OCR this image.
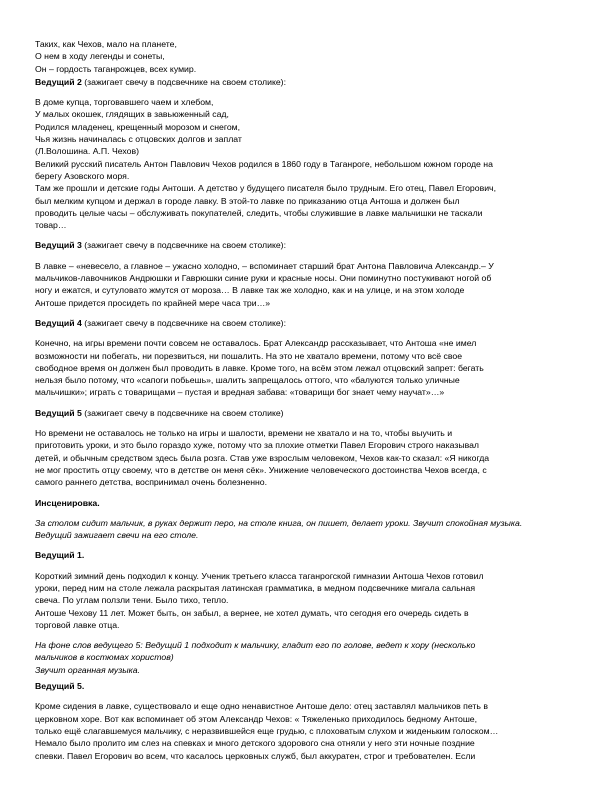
Таких, как Чехов, мало на планете,
О нем в ходу легенды и сонеты,
Он – гордость таганрожцев, всех кумир.
Ведущий 2 (зажигает свечу в подсвечнике на своем столике):
В доме купца, торговавшего чаем и хлебом,
У малых окошек, глядящих в завьюженный сад,
Родился младенец, крещенный морозом и снегом,
Чья жизнь начиналась с отцовских долгов и заплат
(Л.Волошина. А.П. Чехов)
Великий русский писатель Антон Павлович Чехов родился в 1860 году в Таганроге, небольшом южном городе на
берегу Азовского моря.
Там же прошли и детские годы Антоши. А детство у будущего писателя было трудным. Его отец, Павел Егорович,
был мелким купцом и держал в городе лавку. В этой-то лавке по приказанию отца Антоша и должен был
проводить целые часы – обслуживать покупателей, следить, чтобы служившие в лавке мальчишки не таскали
товар…
Ведущий 3 (зажигает свечу в подсвечнике на своем столике):
В лавке – «невесело, а главное – ужасно холодно, – вспоминает старший брат Антона Павловича Александр.– У
мальчиков-лавочников Андрюшки и Гаврюшки синие руки и красные носы. Они поминутно постукивают ногой об
ногу и ежатся, и сутуловато жмутся от мороза… В лавке так же холодно, как и на улице, и на этом холоде
Антоше придется просидеть по крайней мере часа три…»
Ведущий 4 (зажигает свечу в подсвечнике на своем столике):
Конечно, на игры времени почти совсем не оставалось. Брат Александр рассказывает, что Антоша «не имел
возможности ни побегать, ни порезвиться, ни пошалить. На это не хватало времени, потому что всё свое
свободное время он должен был проводить в лавке. Кроме того, на всём этом лежал отцовский запрет: бегать
нельзя было потому, что «сапоги побьешь», шалить запрещалось оттого, что «балуются только уличные
мальчишки»; играть с товарищами – пустая и вредная забава: «товарищи бог знает чему научат»…»
Ведущий 5 (зажигает свечу в подсвечнике на своем столике)
Но времени не оставалось не только на игры и шалости, времени не хватало и на то, чтобы выучить и
приготовить уроки, и это было гораздо хуже, потому что за плохие отметки Павел Егорович строго наказывал
детей, и обычным средством здесь была розга. Став уже взрослым человеком, Чехов как-то сказал: «Я никогда
не мог простить отцу своему, что в детстве он меня сёк». Унижение человеческого достоинства Чехов всегда, с
самого раннего детства, воспринимал очень болезненно.
Инсценировка.
За столом сидит мальчик, в руках держит перо, на столе книга, он пишет, делает уроки. Звучит спокойная музыка.
Ведущий зажигает свечи на его столе.
Ведущий 1.
Короткий зимний день подходил к концу. Ученик третьего класса таганрогской гимназии Антоша Чехов готовил
уроки, перед ним на столе лежала раскрытая латинская грамматика, в медном подсвечнике мигала сальная
свеча. По углам ползли тени. Было тихо, тепло.
Антоше Чехову 11 лет. Может быть, он забыл, а вернее, не хотел думать, что сегодня его очередь сидеть в
торговой лавке отца.
На фоне слов ведущего 5: Ведущий 1 подходит к мальчику, гладит его по голове, ведет к хору (несколько
мальчиков в костюмах хористов)
Звучит органная музыка.
Ведущий 5.
Кроме сидения в лавке, существовало и еще одно ненавистное Антоше дело: отец заставлял мальчиков петь в
церковном хоре. Вот как вспоминает об этом Александр Чехов: « Тяжеленько приходилось бедному Антоше,
только ещё слагавшемуся мальчику, с неразвившейся еще грудью, с плоховатым слухом и жиденьким голоском…
Немало было пролито им слез на спевках и много детского здорового сна отняли у него эти ночные поздние
спевки. Павел Егорович во всем, что касалось церковных служб, был аккуратен, строг и требователен. Если
